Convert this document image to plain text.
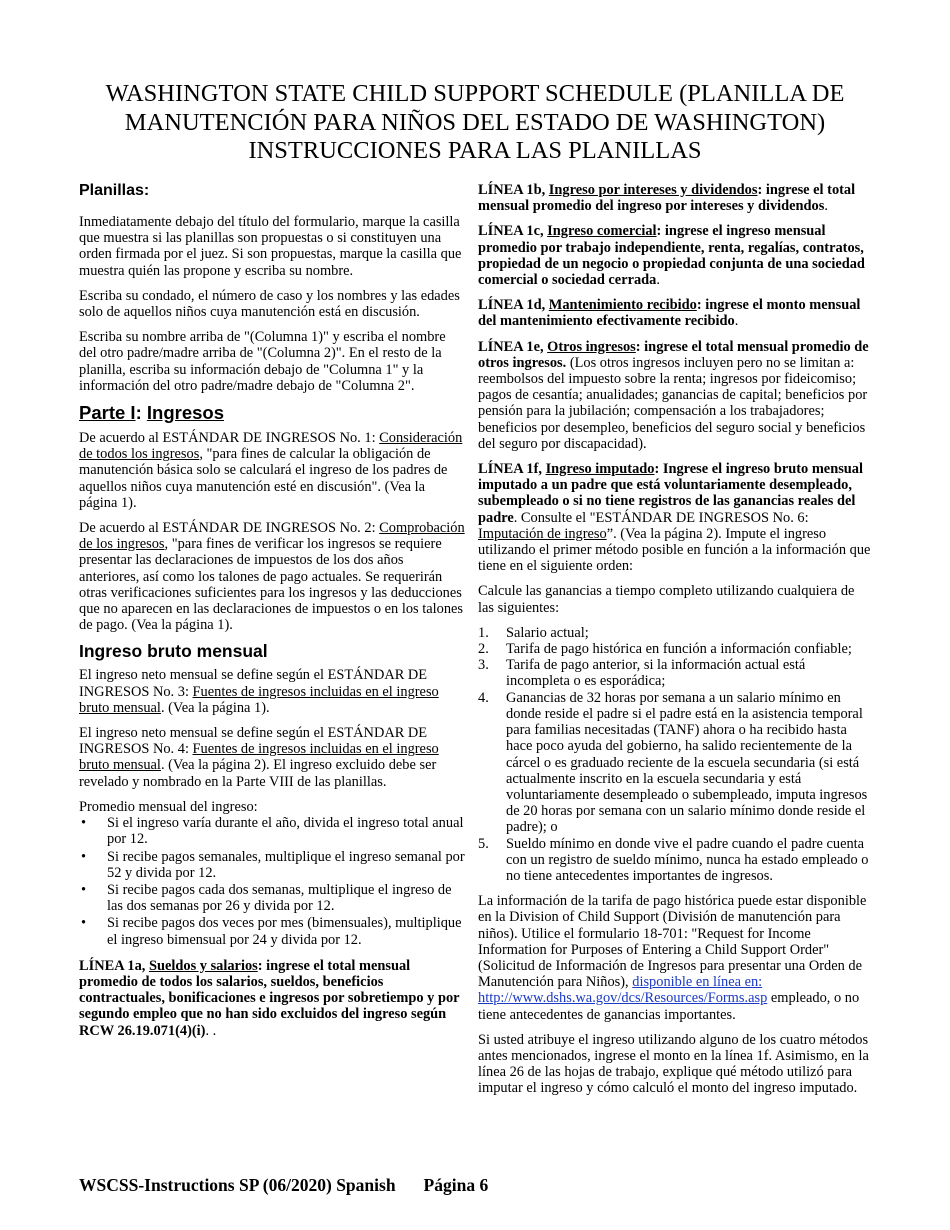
WASHINGTON STATE CHILD SUPPORT SCHEDULE (PLANILLA DE
MANUTENCIÓN PARA NIÑOS DEL ESTADO DE WASHINGTON)
INSTRUCCIONES PARA LAS PLANILLAS
Planillas:

Inmediatamente debajo del título del formulario, marque la casilla que muestra si las planillas son propuestas o si constituyen una orden firmada por el juez. Si son propuestas, marque la casilla que muestra quién las propone y escriba su nombre.

Escriba su condado, el número de caso y los nombres y las edades solo de aquellos niños cuya manutención está en discusión.

Escriba su nombre arriba de "(Columna 1)" y escriba el nombre del otro padre/madre arriba de "(Columna 2)". En el resto de la planilla, escriba su información debajo de "Columna 1" y la información del otro padre/madre debajo de "Columna 2".

Parte I: Ingresos

De acuerdo al ESTÁNDAR DE INGRESOS No. 1: Consideración de todos los ingresos, "para fines de calcular la obligación de manutención básica solo se calculará el ingreso de los padres de aquellos niños cuya manutención esté en discusión". (Vea la página 1).

De acuerdo al ESTÁNDAR DE INGRESOS No. 2: Comprobación de los ingresos, "para fines de verificar los ingresos se requiere presentar las declaraciones de impuestos de los dos años anteriores, así como los talones de pago actuales. Se requerirán otras verificaciones suficientes para los ingresos y las deducciones que no aparecen en las declaraciones de impuestos o en los talones de pago. (Vea la página 1).

Ingreso bruto mensual

El ingreso neto mensual se define según el ESTÁNDAR DE INGRESOS No. 3: Fuentes de ingresos incluidas en el ingreso bruto mensual. (Vea la página 1).

El ingreso neto mensual se define según el ESTÁNDAR DE INGRESOS No. 4: Fuentes de ingresos incluidas en el ingreso bruto mensual. (Vea la página 2). El ingreso excluido debe ser revelado y nombrado en la Parte VIII de las planillas.

Promedio mensual del ingreso:

• Si el ingreso varía durante el año, divida el ingreso total anual por 12.
• Si recibe pagos semanales, multiplique el ingreso semanal por 52 y divida por 12.
• Si recibe pagos cada dos semanas, multiplique el ingreso de las dos semanas por 26 y divida por 12.
• Si recibe pagos dos veces por mes (bimensuales), multiplique el ingreso bimensual por 24 y divida por 12.

LÍNEA 1a, Sueldos y salarios: ingrese el total mensual promedio de todos los salarios, sueldos, beneficios contractuales, bonificaciones e ingresos por sobretiempo y por segundo empleo que no han sido excluidos del ingreso según RCW 26.19.071(4)(i). .

LÍNEA 1b, Ingreso por intereses y dividendos: ingrese el total mensual promedio del ingreso por intereses y dividendos.

LÍNEA 1c, Ingreso comercial: ingrese el ingreso mensual promedio por trabajo independiente, renta, regalías, contratos, propiedad de un negocio o propiedad conjunta de una sociedad comercial o sociedad cerrada.

LÍNEA 1d, Mantenimiento recibido: ingrese el monto mensual del mantenimiento efectivamente recibido.

LÍNEA 1e, Otros ingresos: ingrese el total mensual promedio de otros ingresos. (Los otros ingresos incluyen pero no se limitan a: reembolsos del impuesto sobre la renta; ingresos por fideicomiso; pagos de cesantía; anualidades; ganancias de capital; beneficios por pensión para la jubilación; compensación a los trabajadores; beneficios por desempleo, beneficios del seguro social y beneficios del seguro por discapacidad).

LÍNEA 1f, Ingreso imputado: Ingrese el ingreso bruto mensual imputado a un padre que está voluntariamente desempleado, subempleado o si no tiene registros de las ganancias reales del padre. Consulte el "ESTÁNDAR DE INGRESOS No. 6: Imputación de ingreso”. (Vea la página 2). Impute el ingreso utilizando el primer método posible en función a la información que tiene en el siguiente orden:

Calcule las ganancias a tiempo completo utilizando cualquiera de las siguientes:

1. Salario actual;
2. Tarifa de pago histórica en función a información confiable;
3. Tarifa de pago anterior, si la información actual está incompleta o es esporádica;
4. Ganancias de 32 horas por semana a un salario mínimo en donde reside el padre si el padre está en la asistencia temporal para familias necesitadas (TANF) ahora o ha recibido hasta hace poco ayuda del gobierno, ha salido recientemente de la cárcel o es graduado reciente de la escuela secundaria (si está actualmente inscrito en la escuela secundaria y está voluntariamente desempleado o subempleado, imputa ingresos de 20 horas por semana con un salario mínimo donde reside el padre); o
5. Sueldo mínimo en donde vive el padre cuando el padre cuenta con un registro de sueldo mínimo, nunca ha estado empleado o no tiene antecedentes importantes de ingresos.

La información de la tarifa de pago histórica puede estar disponible en la Division of Child Support (División de manutención para niños). Utilice el formulario 18-701: "Request for Income Information for Purposes of Entering a Child Support Order" (Solicitud de Información de Ingresos para presentar una Orden de Manutención para Niños), disponible en línea en: http://www.dshs.wa.gov/dcs/Resources/Forms.asp empleado, o no tiene antecedentes de ganancias importantes.

Si usted atribuye el ingreso utilizando alguno de los cuatro métodos antes mencionados, ingrese el monto en la línea 1f. Asimismo, en la línea 26 de las hojas de trabajo, explique qué método utilizó para imputar el ingreso y cómo calculó el monto del ingreso imputado.

WSCSS-Instructions SP (06/2020) Spanish Página 6
